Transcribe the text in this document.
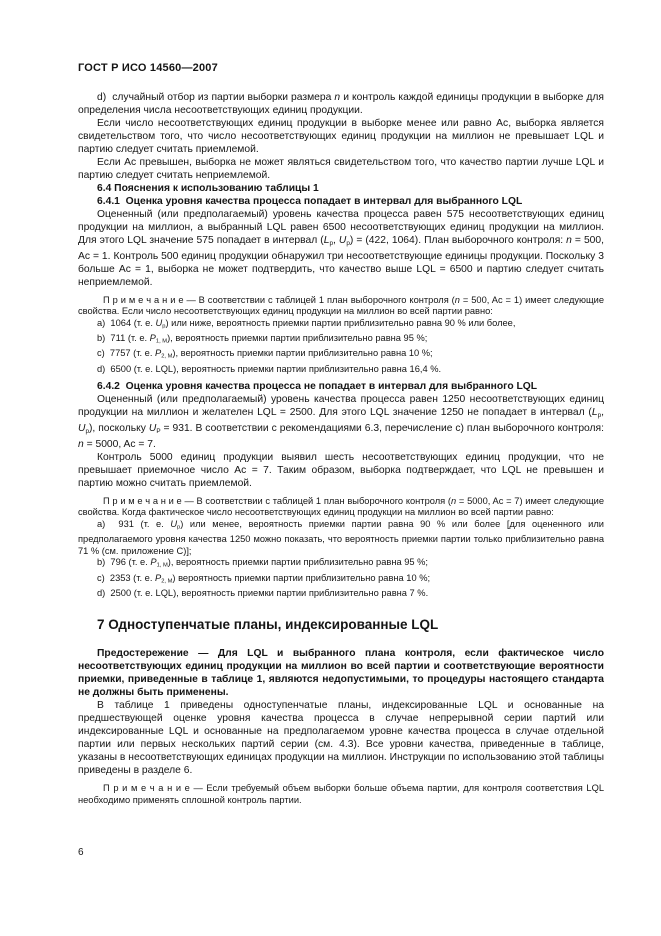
ГОСТ Р ИСО 14560—2007

d)  случайный отбор из партии выборки размера n и контроль каждой единицы продукции в выборке для определения числа несоответствующих единиц продукции.

Если число несоответствующих единиц продукции в выборке менее или равно Ac, выборка является свидетельством того, что число несоответствующих единиц продукции на миллион не превышает LQL и партию следует считать приемлемой.

Если Ac превышен, выборка не может являться свидетельством того, что качество партии лучше LQL и партию следует считать неприемлемой.

6.4 Пояснения к использованию таблицы 1

6.4.1  Оценка уровня качества процесса попадает в интервал для выбранного LQL

Оцененный (или предполагаемый) уровень качества процесса равен 575 несоответствующих единиц продукции на миллион, а выбранный LQL равен 6500 несоответствующих единиц продукции на миллион. Для этого LQL значение 575 попадает в интервал (Lp, Up) = (422, 1064). План выборочного контроля: n = 500, Ac = 1. Контроль 500 единиц продукции обнаружил три несоответствующие единицы продукции. Поскольку 3 больше Ac = 1, выборка не может подтвердить, что качество выше LQL = 6500 и партию следует считать неприемлемой.

П р и м е ч а н и е — В соответствии с таблицей 1 план выборочного контроля (n = 500, Ac = 1) имеет следующие свойства. Если число несоответствующих единиц продукции на миллион во всей партии равно:

a)  1064 (т. е. Up) или ниже, вероятность приемки партии приблизительно равна 90 % или более,

b)  711 (т. е. P1, M), вероятность приемки партии приблизительно равна 95 %;

c)  7757 (т. е. P2, M), вероятность приемки партии приблизительно равна 10 %;

d)  6500 (т. е. LQL), вероятность приемки партии приблизительно равна 16,4 %.

6.4.2  Оценка уровня качества процесса не попадает в интервал для выбранного LQL

Оцененный (или предполагаемый) уровень качества процесса равен 1250 несоответствующих единиц продукции на миллион и желателен LQL = 2500. Для этого LQL значение 1250 не попадает в интервал (Lp, Up), поскольку UP = 931. В соответствии с рекомендациями 6.3, перечисление c) план выборочного контроля: n = 5000, Ac = 7.

Контроль 5000 единиц продукции выявил шесть несоответствующих единиц продукции, что не превышает приемочное число Ac = 7. Таким образом, выборка подтверждает, что LQL не превышен и партию можно считать приемлемой.

П р и м е ч а н и е — В соответствии с таблицей 1 план выборочного контроля (n = 5000, Ac = 7) имеет следующие свойства. Когда фактическое число несоответствующих единиц продукции на миллион во всей партии равно:

a)  931 (т. е. Up) или менее, вероятность приемки партии равна 90 % или более [для оцененного или предполагаемого уровня качества 1250 можно показать, что вероятность приемки партии только приблизительно равна 71 % (см. приложение C)];

b)  796 (т. е. P1, M), вероятность приемки партии приблизительно равна 95 %;

c)  2353 (т. е. P2, M) вероятность приемки партии приблизительно равна 10 %;

d)  2500 (т. е. LQL), вероятность приемки партии приблизительно равна 7 %.

7 Одноступенчатые планы, индексированные LQL

Предостережение — Для LQL и выбранного плана контроля, если фактическое число несоответствующих единиц продукции на миллион во всей партии и соответствующие вероятности приемки, приведенные в таблице 1, являются недопустимыми, то процедуры настоящего стандарта не должны быть применены.

В таблице 1 приведены одноступенчатые планы, индексированные LQL и основанные на предшествующей оценке уровня качества процесса в случае непрерывной серии партий или индексированные LQL и основанные на предполагаемом уровне качества процесса в случае отдельной партии или первых нескольких партий серии (см. 4.3). Все уровни качества, приведенные в таблице, указаны в несоответствующих единицах продукции на миллион. Инструкции по использованию этой таблицы приведены в разделе 6.

П р и м е ч а н и е — Если требуемый объем выборки больше объема партии, для контроля соответствия LQL необходимо применять сплошной контроль партии.

6
